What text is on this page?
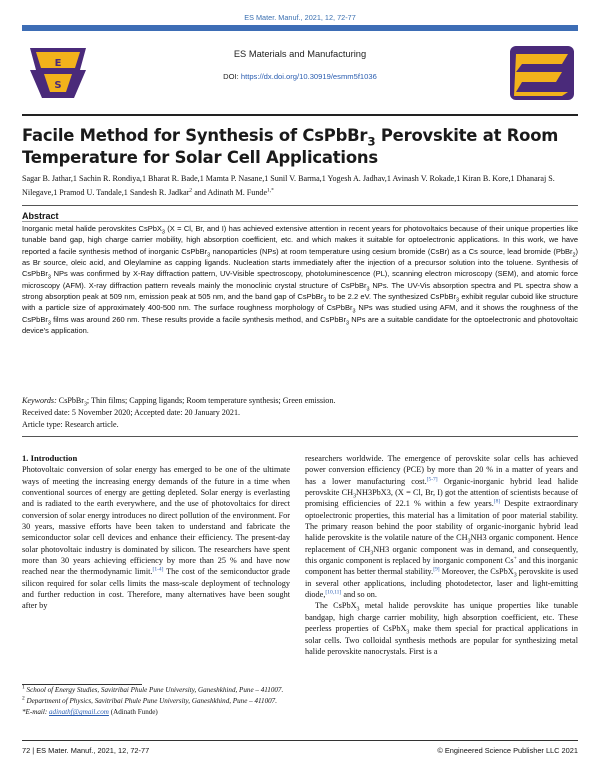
ES Mater. Manuf., 2021, 12, 72-77
E
S
ES Materials and Manufacturing
DOI: https://dx.doi.org/10.30919/esmm5f1036
Facile Method for Synthesis of CsPbBr$_3$ Perovskite at Room Temperature for Solar Cell Applications
Sagar B. Jathar,1 Sachin R. Rondiya,1 Bharat R. Bade,1 Mamta P. Nasane,1 Sunil V. Barma,1 Yogesh A. Jadhav,1 Avinash V. Rokade,1 Kiran B. Kore,1 Dhanaraj S. Nilegave,1 Pramod U. Tandale,1 Sandesh R. Jadkar$^2$ and Adinath M. Funde$^{1,*}$
Abstract
Inorganic metal halide perovskites CsPbX$_3$ (X = Cl, Br, and I) has achieved extensive attention in recent years for photovoltaics because of their unique properties like tunable band gap, high charge carrier mobility, high absorption coefficient, etc. and which makes it suitable for optoelectronic applications. In this work, we have reported a facile synthesis method of inorganic CsPbBr$_3$ nanoparticles (NPs) at room temperature using cesium bromide (CsBr) as a Cs source, lead bromide (PbBr$_2$) as Br source, oleic acid, and Oleylamine as capping ligands. Nucleation starts immediately after the injection of a precursor solution into the toluene. Synthesis of CsPbBr$_3$ NPs was confirmed by X-Ray diffraction pattern, UV-Visible spectroscopy, photoluminescence (PL), scanning electron microscopy (SEM), and atomic force microscopy (AFM). X-ray diffraction pattern reveals mainly the monoclinic crystal structure of CsPbBr$_3$ NPs. The UV-Vis absorption spectra and PL spectra show a strong absorption peak at 509 nm, emission peak at 505 nm, and the band gap of CsPbBr$_3$ to be 2.2 eV. The synthesized CsPbBr$_3$ exhibit regular cuboid like structure with a particle size of approximately 400-500 nm. The surface roughness morphology of CsPbBr$_3$ NPs was studied using AFM, and it shows the roughness of the CsPbBr$_3$ films was around 260 nm. These results provide a facile synthesis method, and CsPbBr$_3$ NPs are a suitable candidate for the optoelectronic and photovoltaic device's application.
Keywords: CsPbBr$_3$; Thin films; Capping ligands; Room temperature synthesis; Green emission.
Received date: 5 November 2020; Accepted date: 20 January 2021.
Article type: Research article.
1. Introduction

Photovoltaic conversion of solar energy has emerged to be one of the ultimate ways of meeting the increasing energy demands of the future in a time when conventional sources of energy are getting depleted. Solar energy is everlasting and is radiated to the earth everywhere, and the use of photovoltaics for direct conversion of solar energy introduces no direct pollution of the environment. For 30 years, massive efforts have been taken to understand and fabricate the semiconductor solar cell devices and enhance their efficiency. The present-day solar photovoltaic industry is dominated by silicon. The researchers have spent more than 30 years achieving efficiency by more than 25 % and have now reached near the thermodynamic limit.[1-4] The cost of the semiconductor grade silicon required for solar cells limits the mass-scale deployment of technology and further reduction in cost. Therefore, many alternatives have been sought after by

researchers worldwide. The emergence of perovskite solar cells has achieved power conversion efficiency (PCE) by more than 20 % in a matter of years and has a lower manufacturing cost.[5-7] Organic-inorganic hybrid lead halide perovskite $CH_3NH3PbX3$, (X = Cl, Br, I) got the attention of scientists because of promising efficiencies of 22.1 % within a few years.[8] Despite extraordinary optoelectronic properties, this material has a limitation of poor material stability. The primary reason behind the poor stability of organic-inorganic hybrid lead halide perovskite is the volatile nature of the $CH_3NH3$ organic component. Hence replacement of $CH_3NH3$ organic component was in demand, and consequently, this organic component is replaced by inorganic component Cs+ and this inorganic component has better thermal stability.[9] Moreover, the CsPbX$_3$ perovskite is used in several other applications, including photodetector, laser and light-emitting diode,[10,11] and so on.

The CsPbX$_3$ metal halide perovskite has unique properties like tunable bandgap, high charge carrier mobility, high absorption coefficient, etc. These peerless properties of CsPbX$_3$ make them special for practical applications in solar cells. Two colloidal synthesis methods are popular for synthesizing metal halide perovskite nanocrystals. First is a

$^1$ School of Energy Studies, Savitribai Phule Pune University, Ganeshkhind, Pune – 411007.
$^2$ Department of Physics, Savitribai Phule Pune University, Ganeshkhind, Pune – 411007.
*E-mail: adinathf@gmail.com (Adinath Funde)
72 | ES Mater. Manuf., 2021, 12, 72-77	© Engineered Science Publisher LLC 2021
